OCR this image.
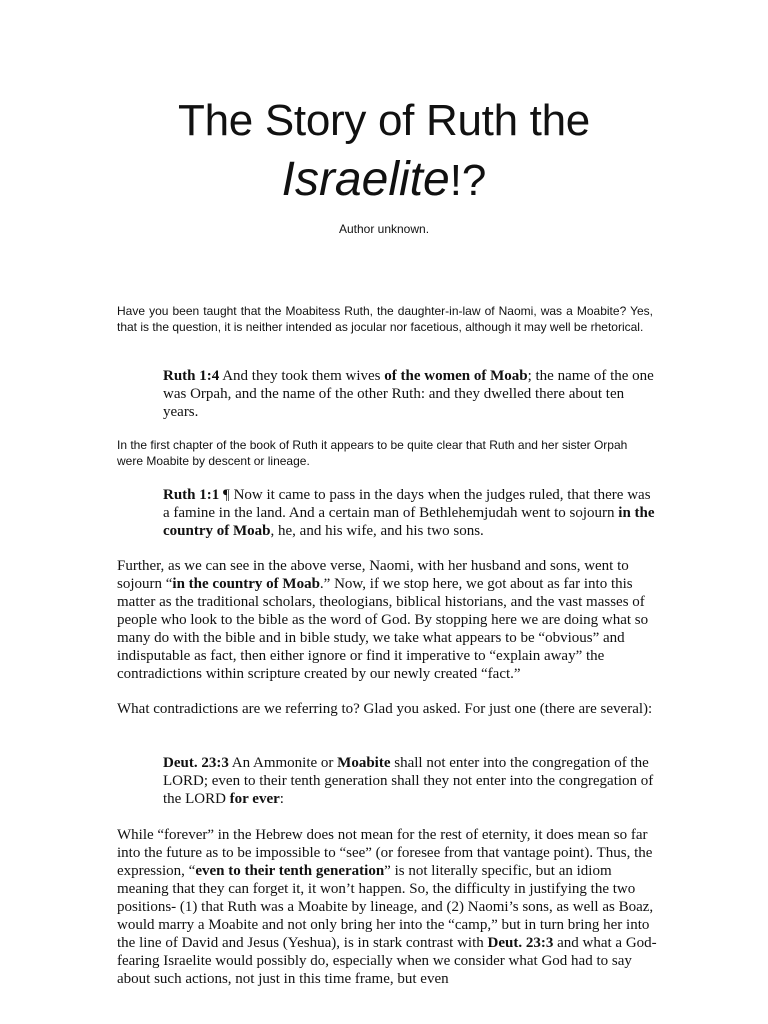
The Story of Ruth the
Israelite!?
Author unknown.

Have you been taught that the Moabitess Ruth, the daughter-in-law of Naomi, was a Moabite? Yes, that is the question, it is neither intended as jocular nor facetious, although it may well be rhetorical.

Ruth 1:4 And they took them wives of the women of Moab; the name of the one was Orpah, and the name of the other Ruth: and they dwelled there about ten years.

In the first chapter of the book of Ruth it appears to be quite clear that Ruth and her sister Orpah were Moabite by descent or lineage.

Ruth 1:1 ¶ Now it came to pass in the days when the judges ruled, that there was a famine in the land. And a certain man of Bethlehemjudah went to sojourn in the country of Moab, he, and his wife, and his two sons.

Further, as we can see in the above verse, Naomi, with her husband and sons, went to sojourn “in the country of Moab.” Now, if we stop here, we got about as far into this matter as the traditional scholars, theologians, biblical historians, and the vast masses of people who look to the bible as the word of God. By stopping here we are doing what so many do with the bible and in bible study, we take what appears to be “obvious” and indisputable as fact, then either ignore or find it imperative to “explain away” the contradictions within scripture created by our newly created “fact.”

What contradictions are we referring to? Glad you asked. For just one (there are several):

Deut. 23:3 An Ammonite or Moabite shall not enter into the congregation of the LORD; even to their tenth generation shall they not enter into the congregation of the LORD for ever:

While “forever” in the Hebrew does not mean for the rest of eternity, it does mean so far into the future as to be impossible to “see” (or foresee from that vantage point). Thus, the expression, “even to their tenth generation” is not literally specific, but an idiom meaning that they can forget it, it won’t happen. So, the difficulty in justifying the two positions- (1) that Ruth was a Moabite by lineage, and (2) Naomi’s sons, as well as Boaz, would marry a Moabite and not only bring her into the “camp,” but in turn bring her into the line of David and Jesus (Yeshua), is in stark contrast with Deut. 23:3 and what a God-fearing Israelite would possibly do, especially when we consider what God had to say about such actions, not just in this time frame, but even
